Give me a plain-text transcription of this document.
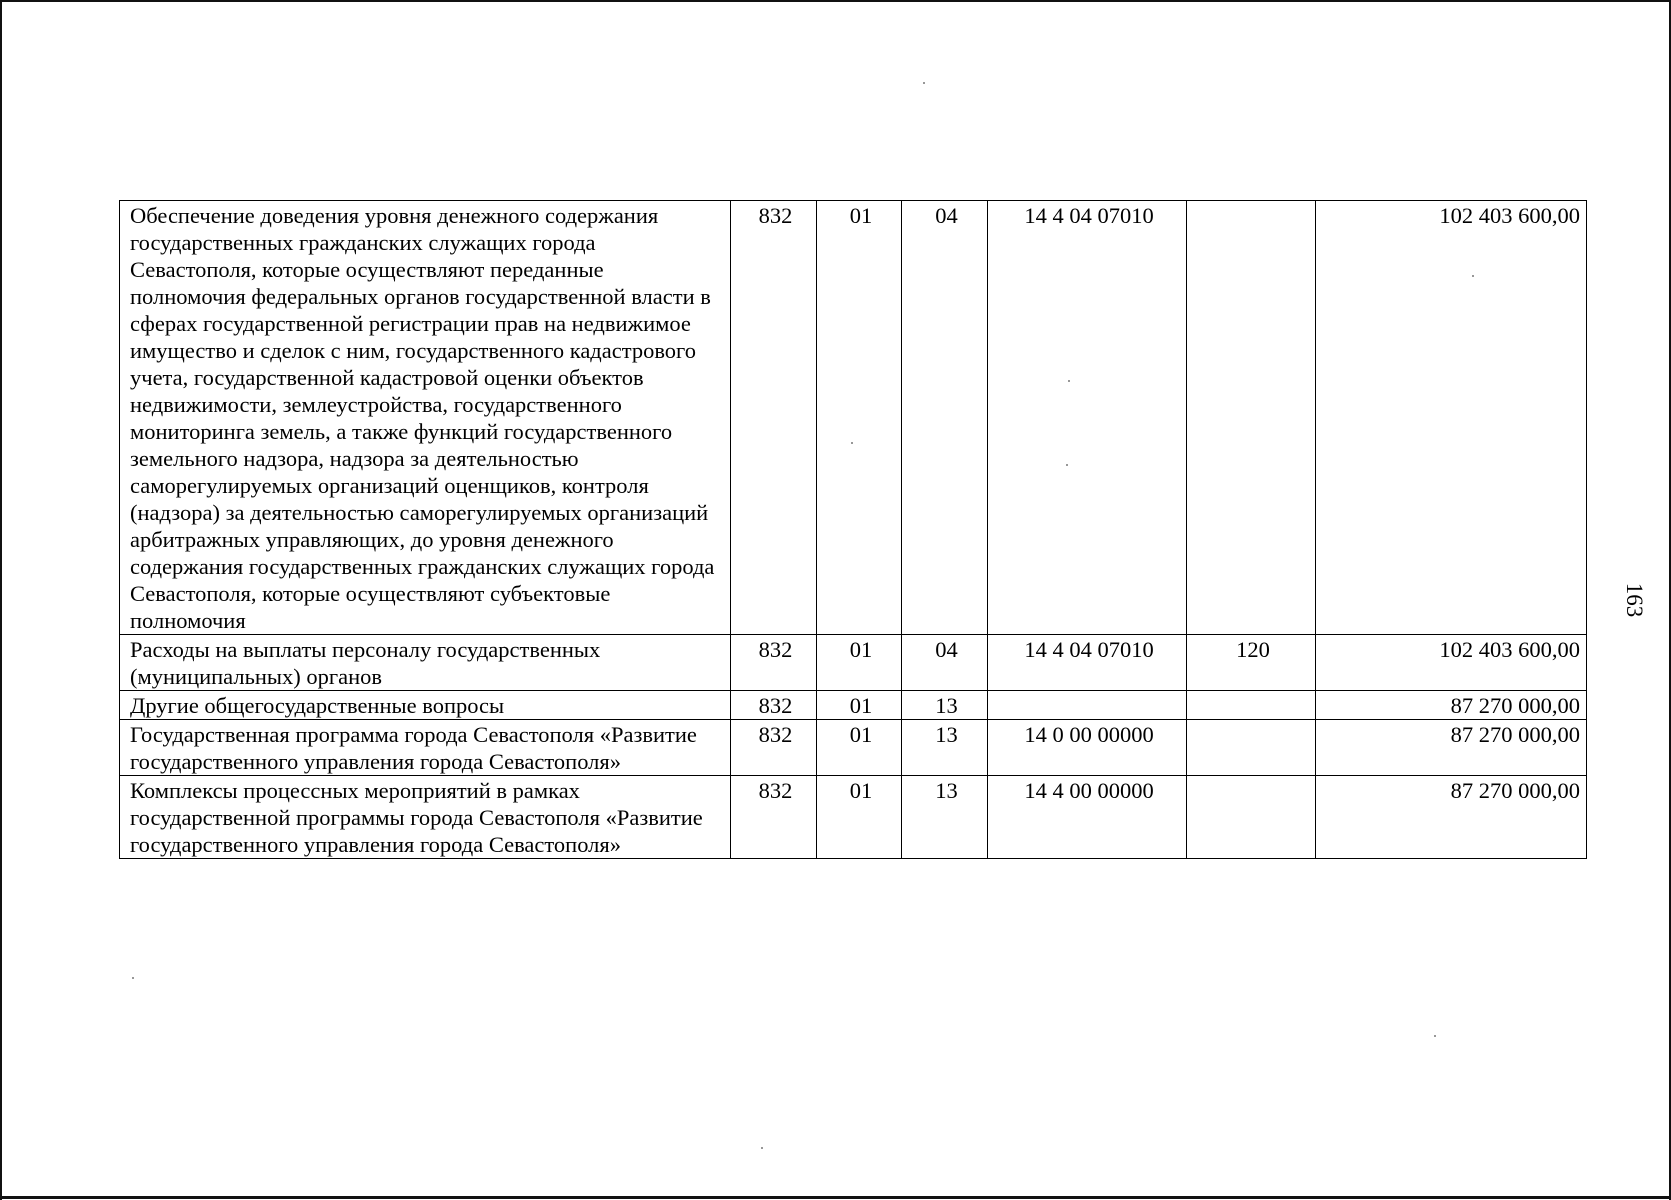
163
Обеспечение доведения уровня денежного содержания государственных гражданских служащих города Севастополя, которые осуществляют переданные полномочия федеральных органов государственной власти в сферах государственной регистрации прав на недвижимое имущество и сделок с ним, государственного кадастрового учета, государственной кадастровой оценки объектов недвижимости, землеустройства, государственного мониторинга земель, а также функций государственного земельного надзора, надзора за деятельностью саморегулируемых организаций оценщиков, контроля (надзора) за деятельностью саморегулируемых организаций арбитражных управляющих, до уровня денежного содержания государственных гражданских служащих города Севастополя, которые осуществляют субъектовые полномочия	832	01	04	14 4 04 07010		102 403 600,00
Расходы на выплаты персоналу государственных (муниципальных) органов	832	01	04	14 4 04 07010	120	102 403 600,00
Другие общегосударственные вопросы	832	01	13			87 270 000,00
Государственная программа города Севастополя «Развитие государственного управления города Севастополя»	832	01	13	14 0 00 00000		87 270 000,00
Комплексы процессных мероприятий в рамках государственной программы города Севастополя «Развитие государственного управления города Севастополя»	832	01	13	14 4 00 00000		87 270 000,00
